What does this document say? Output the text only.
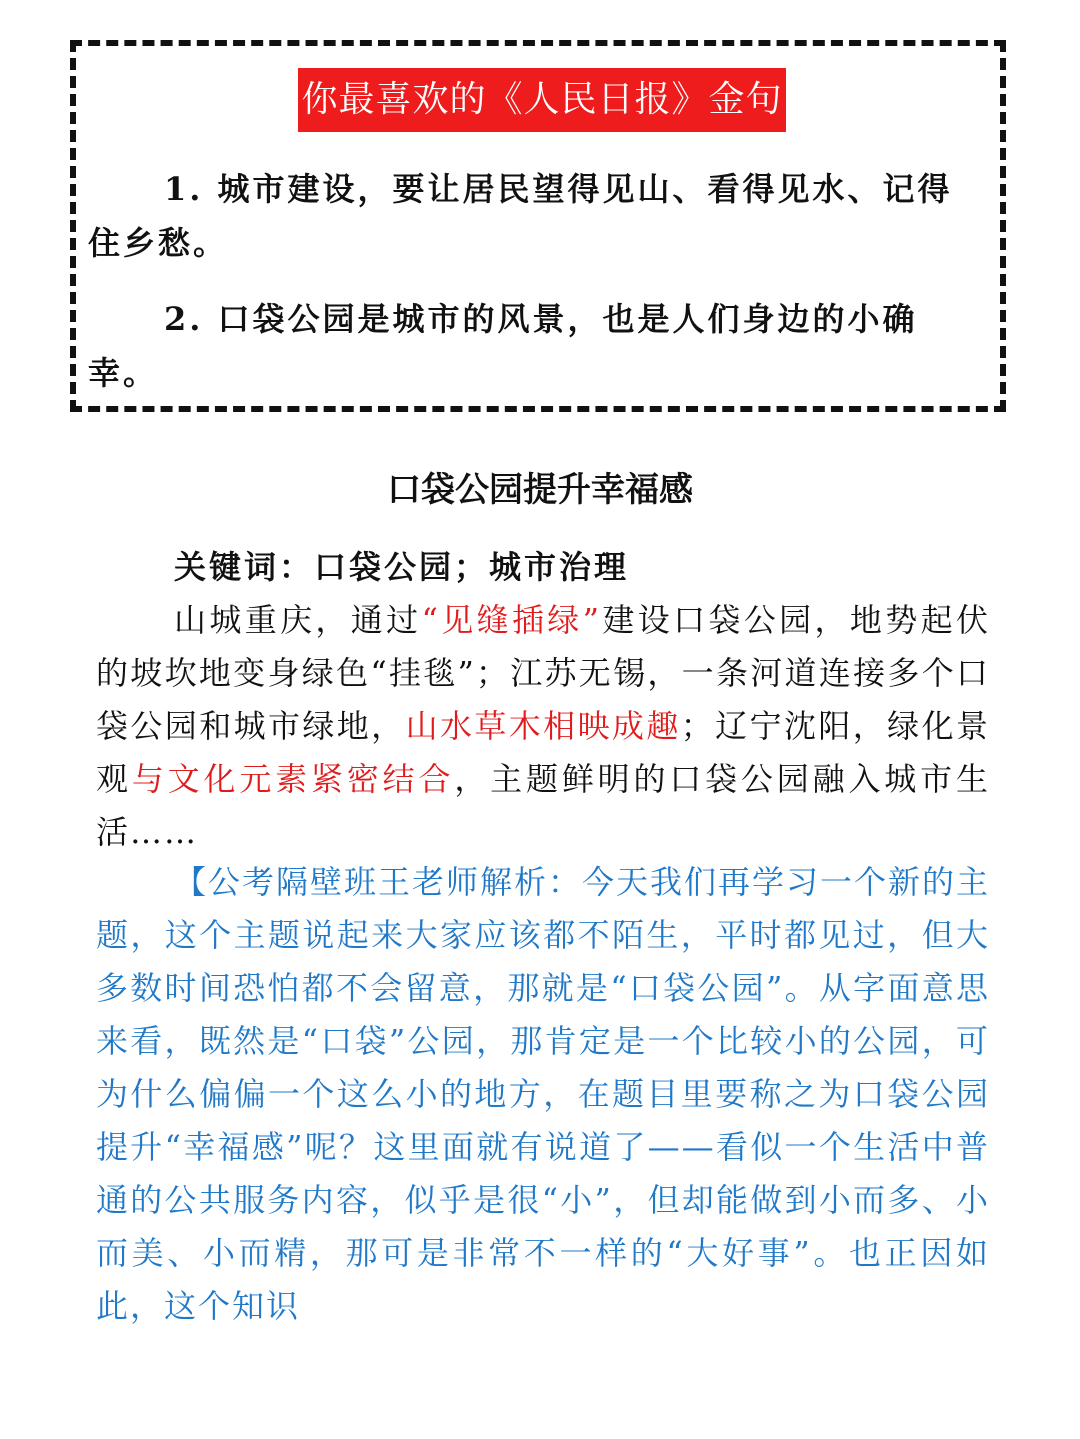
你最喜欢的《人民日报》金句

1. 城市建设，要让居民望得见山、看得见水、记得住乡愁。

2. 口袋公园是城市的风景，也是人们身边的小确幸。

口袋公园提升幸福感

关键词：口袋公园；城市治理

山城重庆，通过“见缝插绿”建设口袋公园，地势起伏的坡坎地变身绿色“挂毯”；江苏无锡，一条河道连接多个口袋公园和城市绿地，山水草木相映成趣；辽宁沈阳，绿化景观与文化元素紧密结合，主题鲜明的口袋公园融入城市生活……

【公考隔壁班王老师解析：今天我们再学习一个新的主题，这个主题说起来大家应该都不陌生，平时都见过，但大多数时间恐怕都不会留意，那就是“口袋公园”。从字面意思来看，既然是“口袋”公园，那肯定是一个比较小的公园，可为什么偏偏一个这么小的地方，在题目里要称之为口袋公园提升“幸福感”呢？这里面就有说道了——看似一个生活中普通的公共服务内容，似乎是很“小”，但却能做到小而多、小而美、小而精，那可是非常不一样的“大好事”。也正因如此，这个知识
